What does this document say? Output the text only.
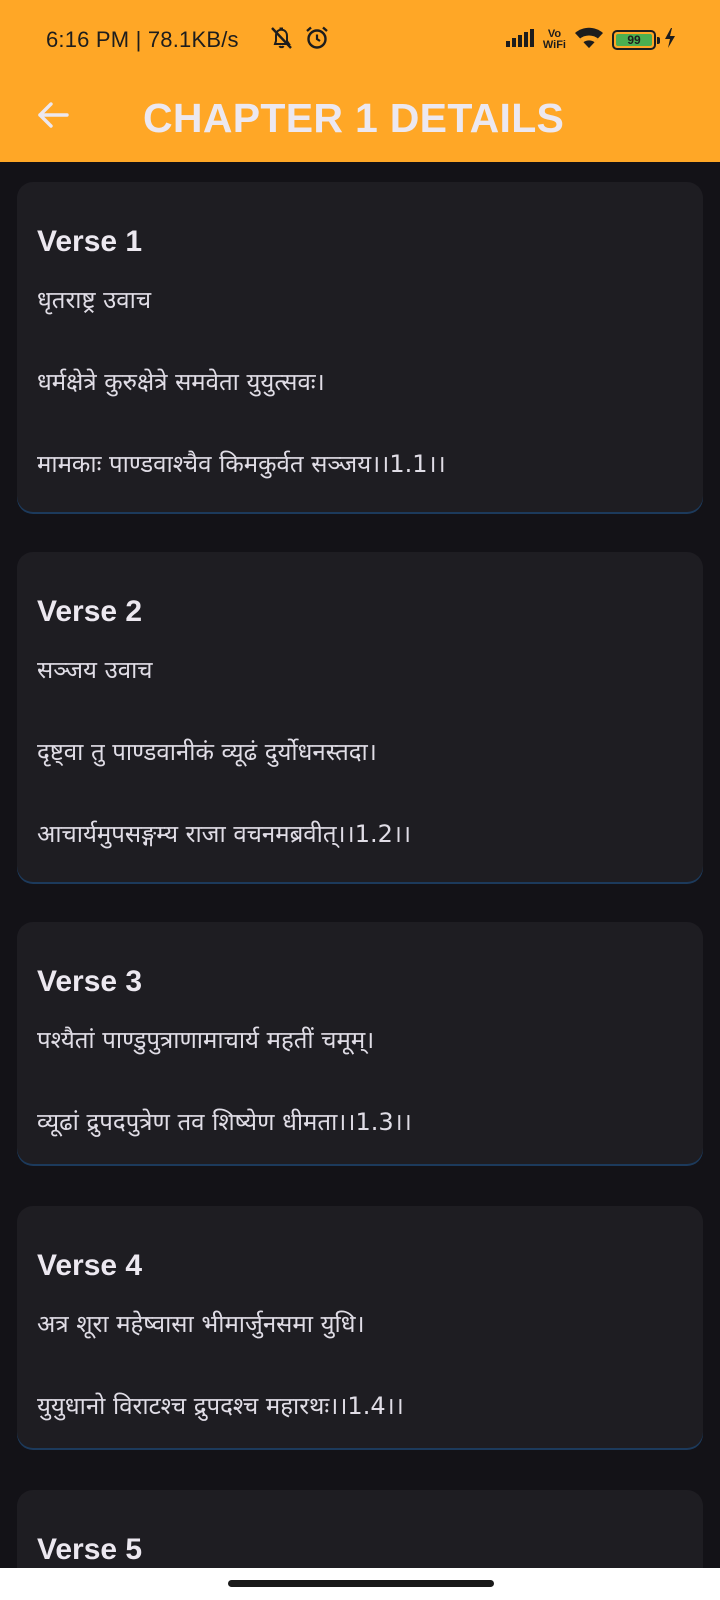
6:16 PM | 78.1KB/s	Vo
WiFi	99
CHAPTER 1 DETAILS
Verse 1
धृतराष्ट्र उवाच
धर्मक्षेत्रे कुरुक्षेत्रे समवेता युयुत्सवः।
मामकाः पाण्डवाश्चैव किमकुर्वत सञ्जय।।1.1।।
Verse 2
सञ्जय उवाच
दृष्ट्वा तु पाण्डवानीकं व्यूढं दुर्योधनस्तदा।
आचार्यमुपसङ्गम्य राजा वचनमब्रवीत्।।1.2।।
Verse 3
पश्यैतां पाण्डुपुत्राणामाचार्य महतीं चमूम्।
व्यूढां द्रुपदपुत्रेण तव शिष्येण धीमता।।1.3।।
Verse 4
अत्र शूरा महेष्वासा भीमार्जुनसमा युधि।
युयुधानो विराटश्च द्रुपदश्च महारथः।।1.4।।
Verse 5
